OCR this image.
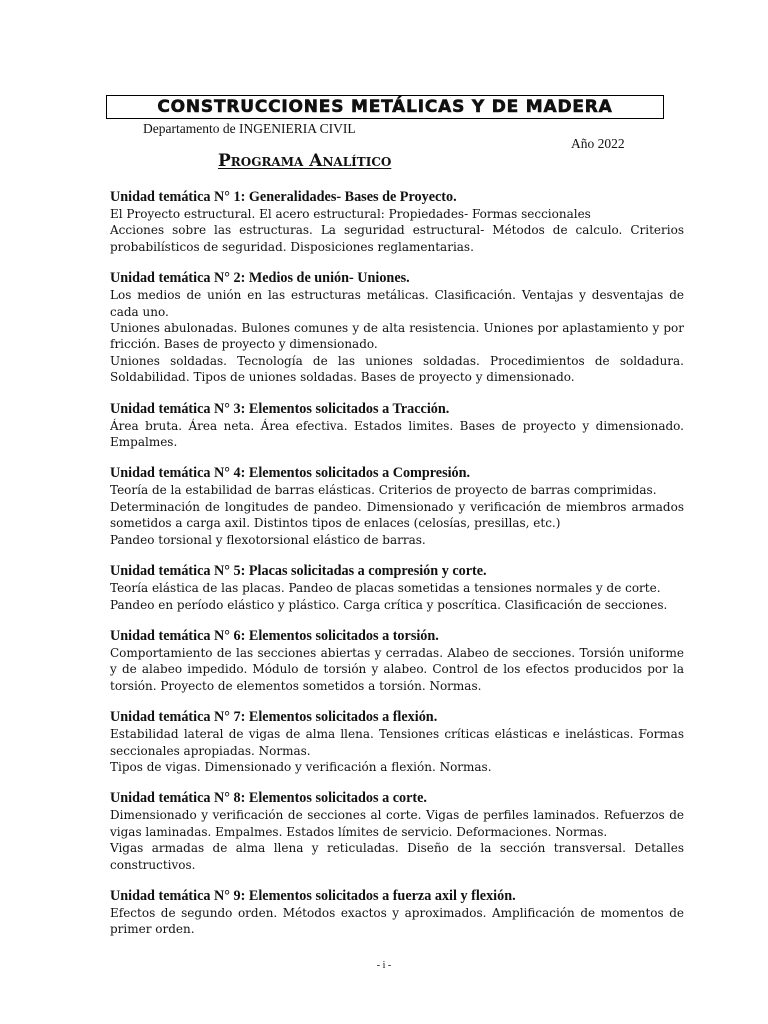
CONSTRUCCIONES METÁLICAS Y DE MADERA
Departamento de INGENIERIA CIVIL
Año 2022
Programa Analítico
Unidad temática N° 1: Generalidades- Bases de Proyecto.
El Proyecto estructural. El acero estructural: Propiedades- Formas seccionales
Acciones sobre las estructuras. La seguridad estructural- Métodos de calculo. Criterios probabilísticos de seguridad. Disposiciones reglamentarias.
Unidad temática N° 2: Medios de unión- Uniones.
Los medios de unión en las estructuras metálicas. Clasificación. Ventajas y desventajas de cada uno.
Uniones abulonadas. Bulones comunes y de alta resistencia. Uniones por aplastamiento y por fricción. Bases de proyecto y dimensionado.
Uniones soldadas. Tecnología de las uniones soldadas. Procedimientos de soldadura. Soldabilidad. Tipos de uniones soldadas. Bases de proyecto y dimensionado.
Unidad temática N° 3: Elementos solicitados a Tracción.
Área bruta. Área neta. Área efectiva. Estados limites. Bases de proyecto y dimensionado. Empalmes.
Unidad temática N° 4: Elementos solicitados a Compresión.
Teoría de la estabilidad de barras elásticas. Criterios de proyecto de barras comprimidas.
Determinación de longitudes de pandeo. Dimensionado y verificación de miembros armados sometidos a carga axil. Distintos tipos de enlaces (celosías, presillas, etc.)
Pandeo torsional y flexotorsional elástico de barras.
Unidad temática N° 5: Placas solicitadas a compresión y corte.
Teoría elástica de las placas. Pandeo de placas sometidas a tensiones normales y de corte.
Pandeo en período elástico y plástico. Carga crítica y poscrítica. Clasificación de secciones.
Unidad temática N° 6: Elementos solicitados a torsión.
Comportamiento de las secciones abiertas y cerradas. Alabeo de secciones. Torsión uniforme y de alabeo impedido. Módulo de torsión y alabeo. Control de los efectos producidos por la torsión. Proyecto de elementos sometidos a torsión. Normas.
Unidad temática N° 7: Elementos solicitados a flexión.
Estabilidad lateral de vigas de alma llena. Tensiones críticas elásticas e inelásticas. Formas seccionales apropiadas. Normas.
Tipos de vigas. Dimensionado y verificación a flexión. Normas.
Unidad temática N° 8: Elementos solicitados a corte.
Dimensionado y verificación de secciones al corte. Vigas de perfiles laminados. Refuerzos de vigas laminadas. Empalmes. Estados límites de servicio. Deformaciones. Normas.
Vigas armadas de alma llena y reticuladas. Diseño de la sección transversal. Detalles constructivos.
Unidad temática N° 9: Elementos solicitados a fuerza axil y flexión.
Efectos de segundo orden. Métodos exactos y aproximados. Amplificación de momentos de primer orden.
- i -
